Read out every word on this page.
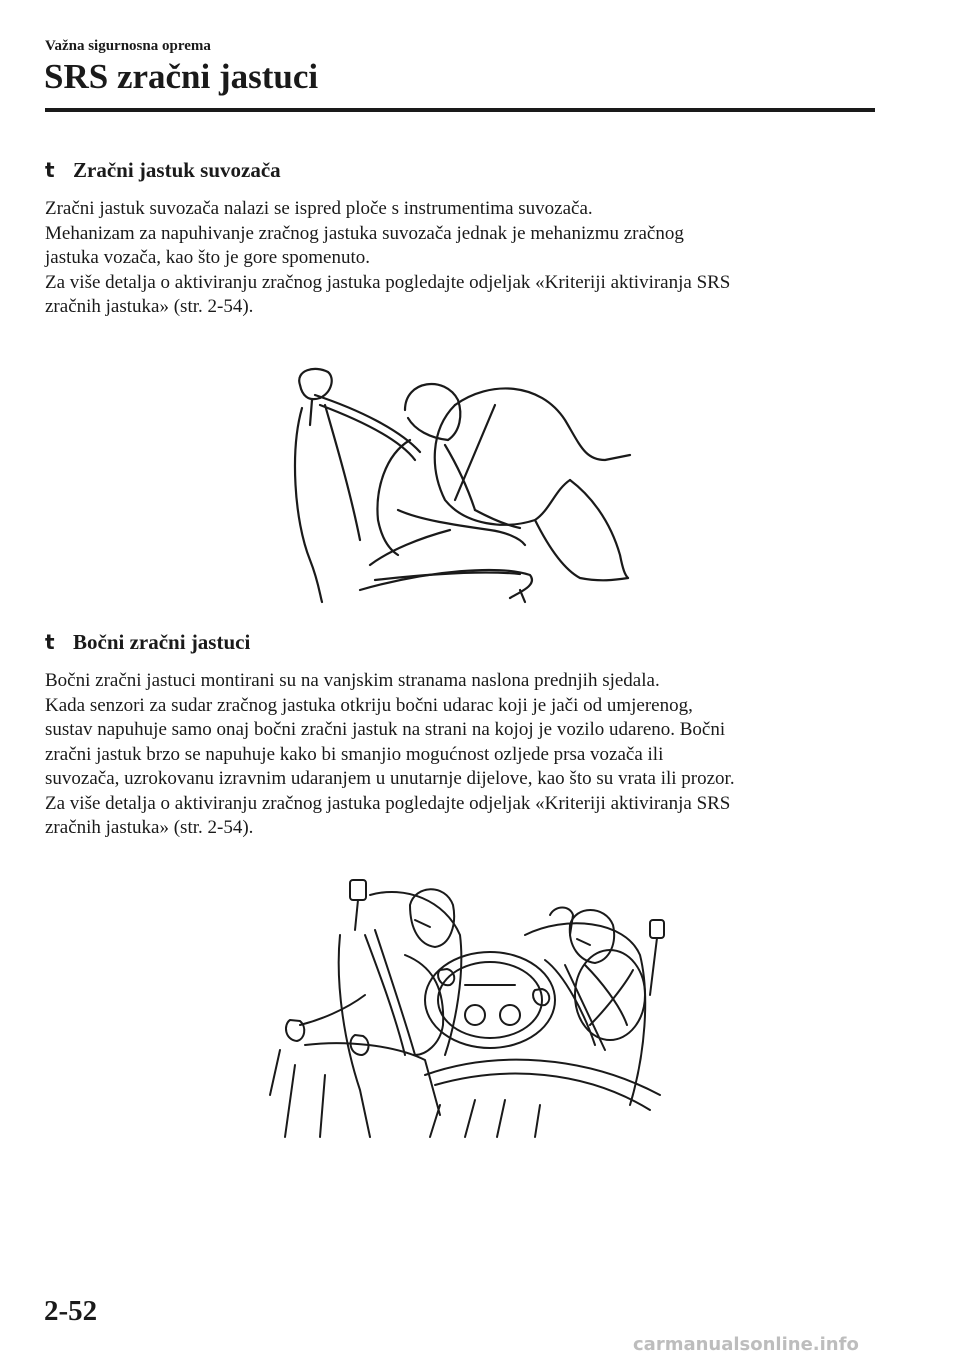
Važna sigurnosna oprema
SRS zračni jastuci
t Zračni jastuk suvozača

Zračni jastuk suvozača nalazi se ispred ploče s instrumentima suvozača.

Mehanizam za napuhivanje zračnog jastuka suvozača jednak je mehanizmu zračnog

jastuka vozača, kao što je gore spomenuto.

Za više detalja o aktiviranju zračnog jastuka pogledajte odjeljak «Kriteriji aktiviranja SRS

zračnih jastuka» (str. 2-54).

t Bočni zračni jastuci

Bočni zračni jastuci montirani su na vanjskim stranama naslona prednjih sjedala.

Kada senzori za sudar zračnog jastuka otkriju bočni udarac koji je jači od umjerenog,

sustav napuhuje samo onaj bočni zračni jastuk na strani na kojoj je vozilo udareno. Bočni

zračni jastuk brzo se napuhuje kako bi smanjio mogućnost ozljede prsa vozača ili

suvozača, uzrokovanu izravnim udaranjem u unutarnje dijelove, kao što su vrata ili prozor.

Za više detalja o aktiviranju zračnog jastuka pogledajte odjeljak «Kriteriji aktiviranja SRS

zračnih jastuka» (str. 2-54).

2-52
carmanualsonline.info
